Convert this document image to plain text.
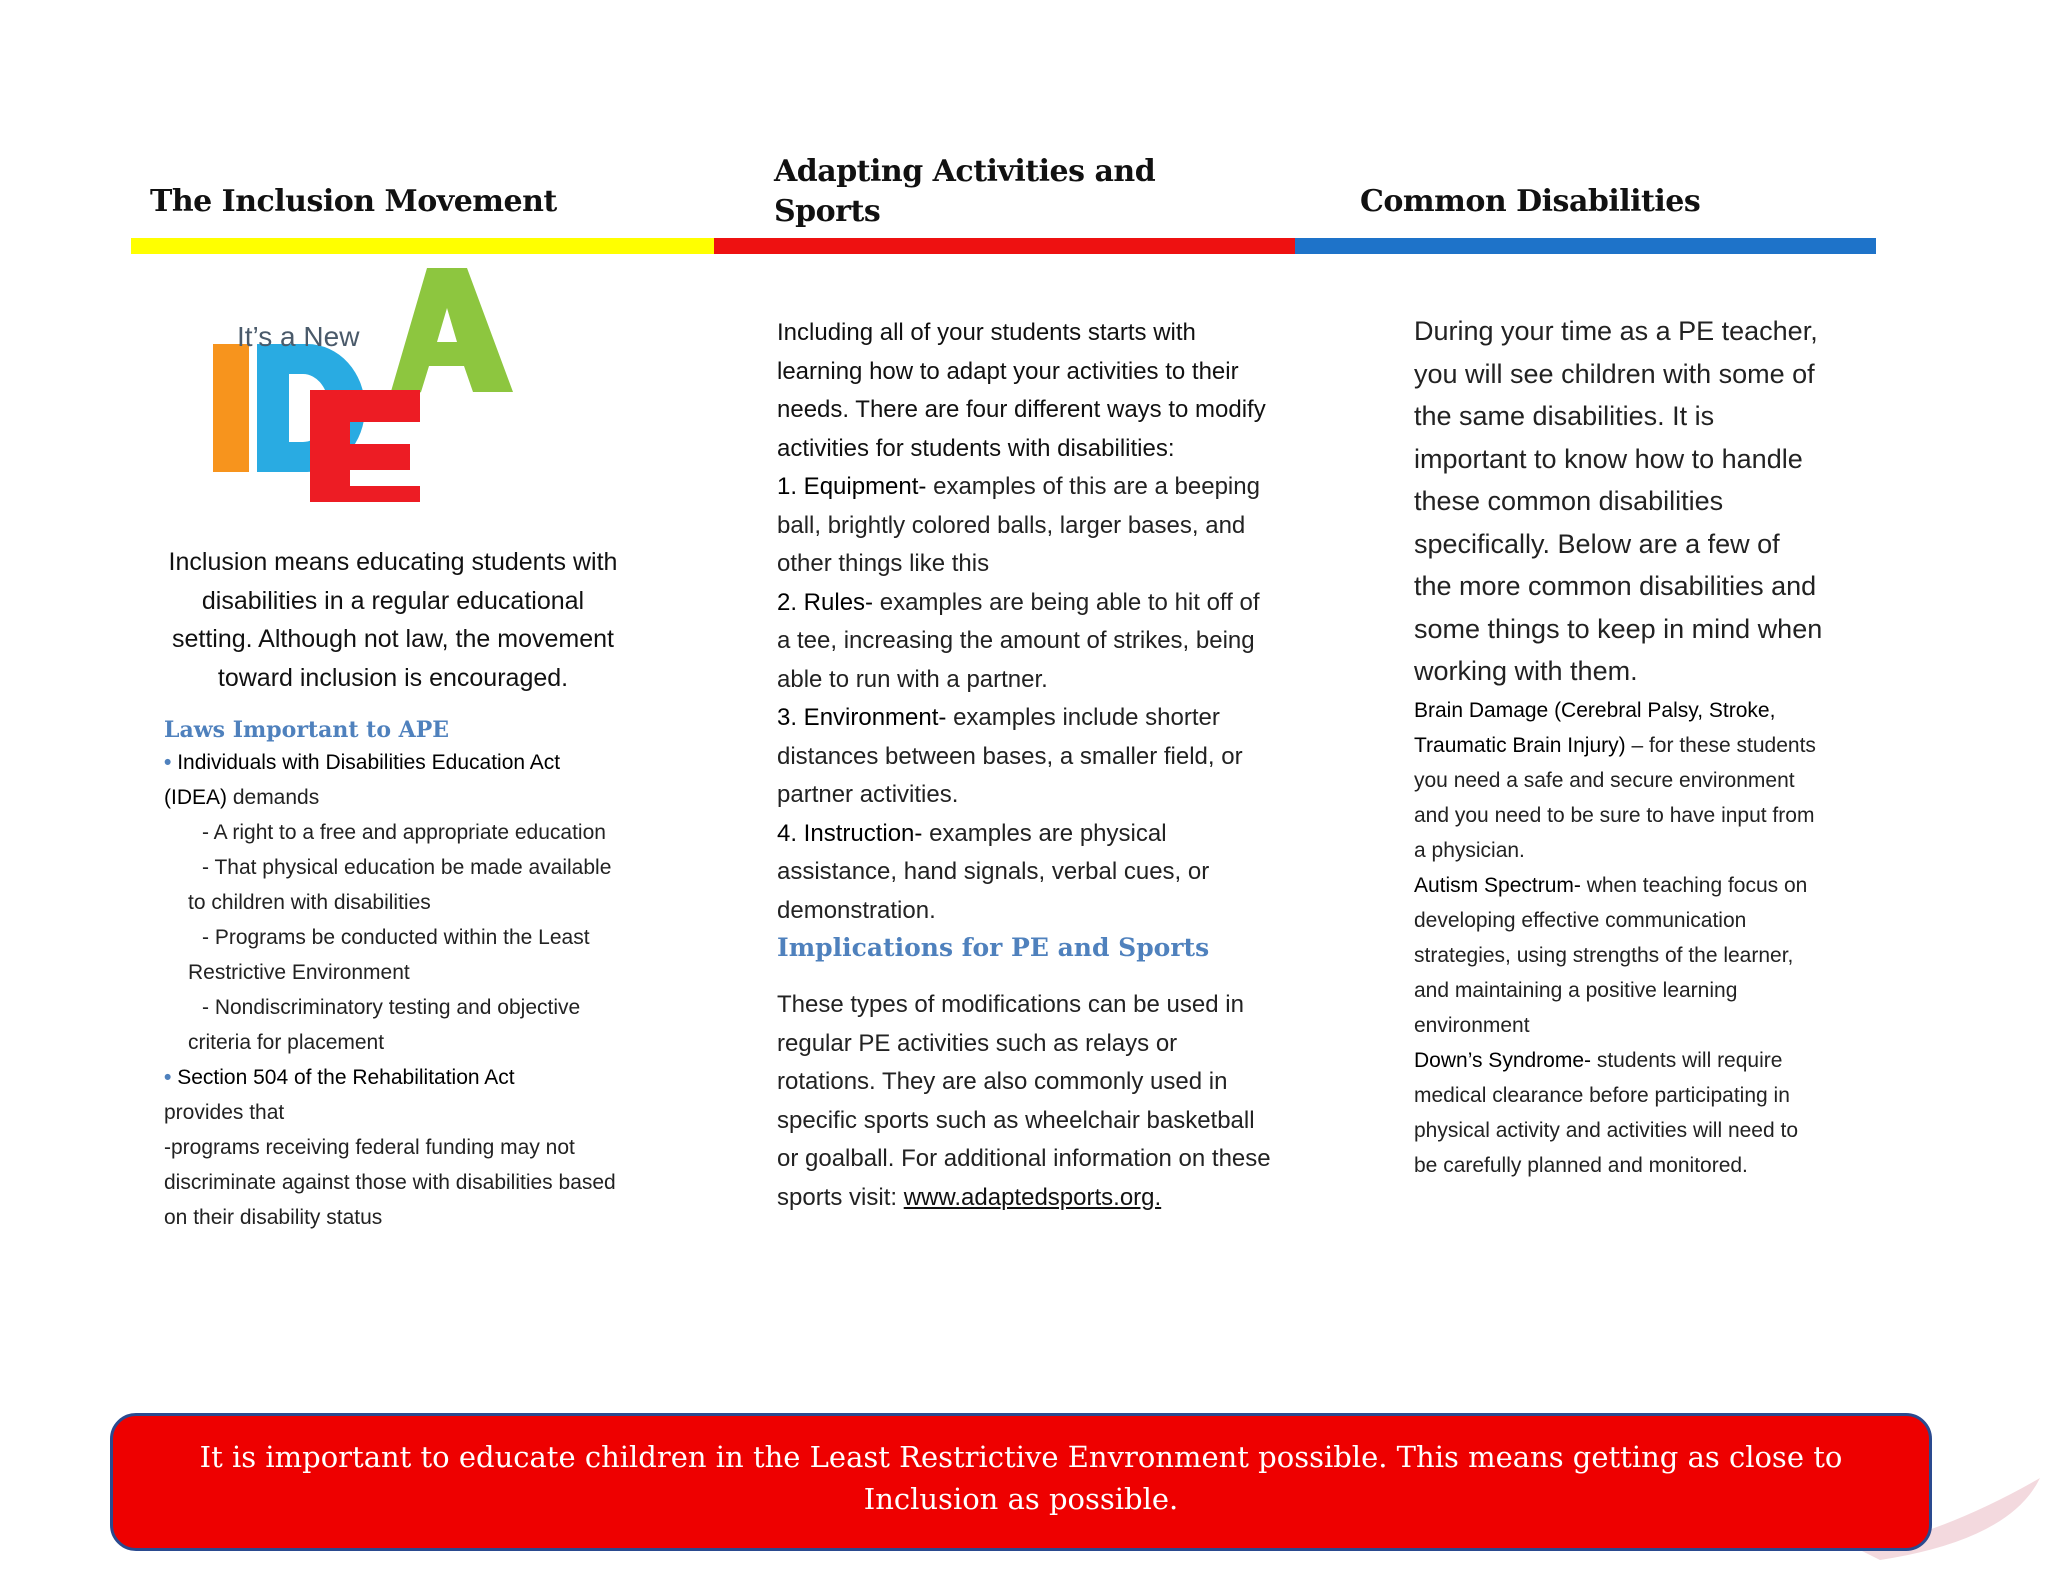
The Inclusion Movement
Adapting Activities and
Sports	Common Disabilities
It’s a New

Inclusion means educating students with disabilities in a regular educational setting. Although not law, the movement toward inclusion is encouraged.

Laws Important to APE

• Individuals with Disabilities Education Act (IDEA) demands

- A right to a free and appropriate education

- That physical education be made available to children with disabilities

- Programs be conducted within the Least Restrictive Environment

- Nondiscriminatory testing and objective criteria for placement

• Section 504 of the Rehabilitation Act
provides that

-programs receiving federal funding may not discriminate against those with disabilities based on their disability status

Including all of your students starts with learning how to adapt your activities to their needs. There are four different ways to modify activities for students with disabilities:

1. Equipment- examples of this are a beeping ball, brightly colored balls, larger bases, and other things like this

2. Rules- examples are being able to hit off of a tee, increasing the amount of strikes, being able to run with a partner.

3. Environment- examples include shorter distances between bases, a smaller field, or partner activities.

4. Instruction- examples are physical assistance, hand signals, verbal cues, or demonstration.

Implications for PE and Sports

These types of modifications can be used in regular PE activities such as relays or rotations. They are also commonly used in specific sports such as wheelchair basketball or goalball. For additional information on these sports visit: www.adaptedsports.org.

During your time as a PE teacher, you will see children with some of the same disabilities. It is important to know how to handle these common disabilities specifically. Below are a few of the more common disabilities and some things to keep in mind when working with them.

Brain Damage (Cerebral Palsy, Stroke, Traumatic Brain Injury) – for these students you need a safe and secure environment and you need to be sure to have input from a physician.

Autism Spectrum- when teaching focus on developing effective communication strategies, using strengths of the learner, and maintaining a positive learning environment

Down’s Syndrome- students will require medical clearance before participating in physical activity and activities will need to be carefully planned and monitored.

It is important to educate children in the Least Restrictive Envronment possible. This means getting as close to Inclusion as possible.
